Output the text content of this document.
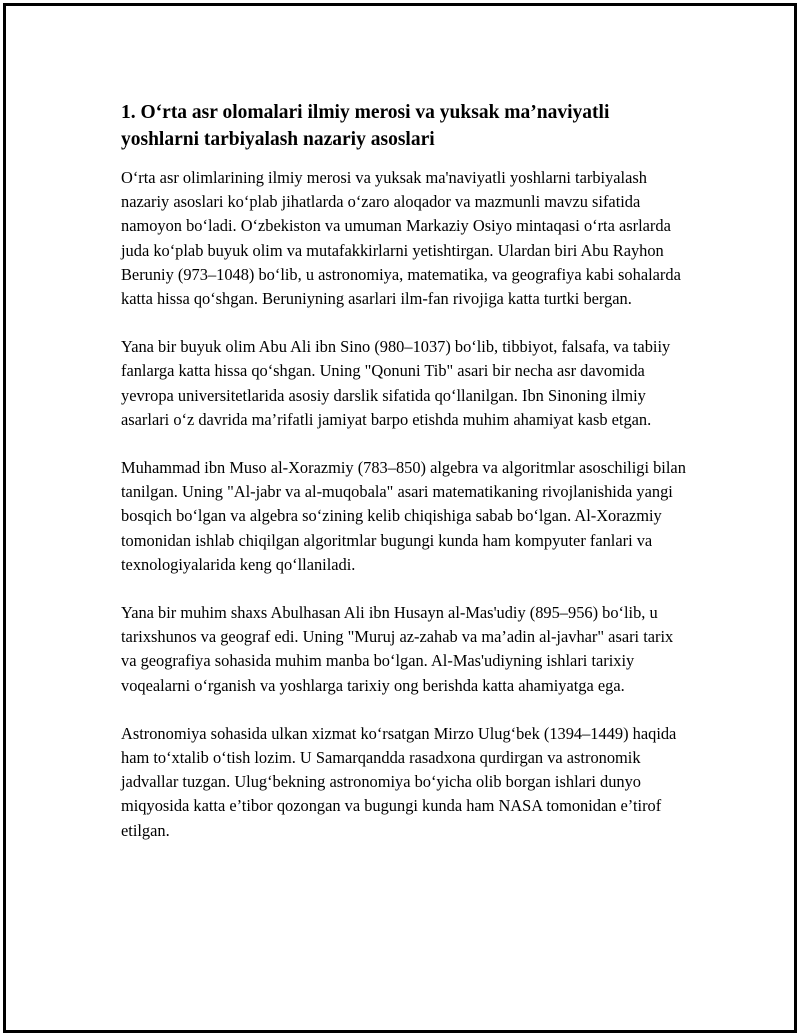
1. O‘rta asr olomalari ilmiy merosi va yuksak ma’naviyatli yoshlarni tarbiyalash nazariy asoslari

O‘rta asr olimlarining ilmiy merosi va yuksak ma'naviyatli yoshlarni tarbiyalash nazariy asoslari ko‘plab jihatlarda o‘zaro aloqador va mazmunli mavzu sifatida namoyon bo‘ladi. O‘zbekiston va umuman Markaziy Osiyo mintaqasi o‘rta asrlarda juda ko‘plab buyuk olim va mutafakkirlarni yetishtirgan. Ulardan biri Abu Rayhon Beruniy (973–1048) bo‘lib, u astronomiya, matematika, va geografiya kabi sohalarda katta hissa qo‘shgan. Beruniyning asarlari ilm-fan rivojiga katta turtki bergan.

Yana bir buyuk olim Abu Ali ibn Sino (980–1037) bo‘lib, tibbiyot, falsafa, va tabiiy fanlarga katta hissa qo‘shgan. Uning "Qonuni Tib" asari bir necha asr davomida yevropa universitetlarida asosiy darslik sifatida qo‘llanilgan. Ibn Sinoning ilmiy asarlari o‘z davrida ma’rifatli jamiyat barpo etishda muhim ahamiyat kasb etgan.

Muhammad ibn Muso al-Xorazmiy (783–850) algebra va algoritmlar asoschiligi bilan tanilgan. Uning "Al-jabr va al-muqobala" asari matematikaning rivojlanishida yangi bosqich bo‘lgan va algebra so‘zining kelib chiqishiga sabab bo‘lgan. Al-Xorazmiy tomonidan ishlab chiqilgan algoritmlar bugungi kunda ham kompyuter fanlari va texnologiyalarida keng qo‘llaniladi.

Yana bir muhim shaxs Abulhasan Ali ibn Husayn al-Mas'udiy (895–956) bo‘lib, u tarixshunos va geograf edi. Uning "Muruj az-zahab va ma’adin al-javhar" asari tarix va geografiya sohasida muhim manba bo‘lgan. Al-Mas'udiyning ishlari tarixiy voqealarni o‘rganish va yoshlarga tarixiy ong berishda katta ahamiyatga ega.

Astronomiya sohasida ulkan xizmat ko‘rsatgan Mirzo Ulug‘bek (1394–1449) haqida ham to‘xtalib o‘tish lozim. U Samarqandda rasadxona qurdirgan va astronomik jadvallar tuzgan. Ulug‘bekning astronomiya bo‘yicha olib borgan ishlari dunyo miqyosida katta e’tibor qozongan va bugungi kunda ham NASA tomonidan e’tirof etilgan.
